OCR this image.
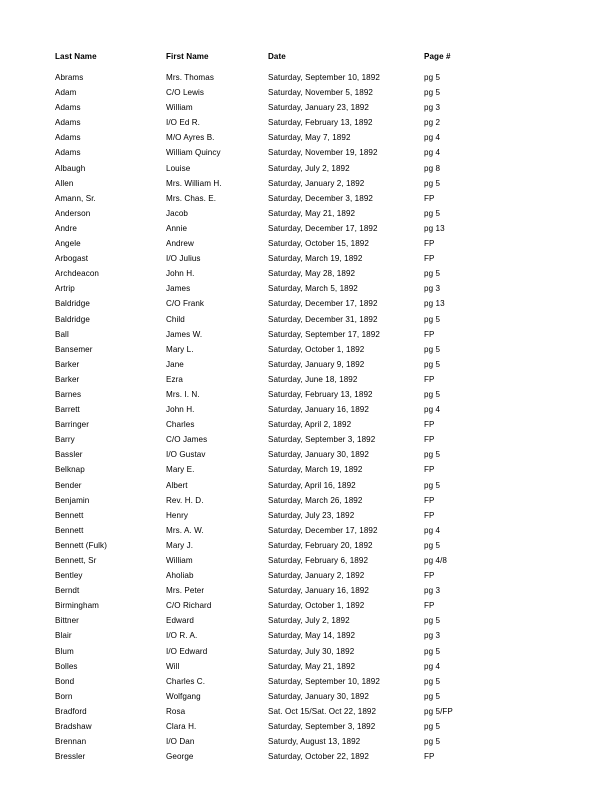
Last Name	First Name	Date	Page #
Abrams	Mrs. Thomas	Saturday, September 10, 1892	pg 5
Adam	C/O Lewis	Saturday, November 5, 1892	pg 5
Adams	William	Saturday, January 23, 1892	pg 3
Adams	I/O Ed R.	Saturday, February 13, 1892	pg 2
Adams	M/O Ayres B.	Saturday, May 7, 1892	pg 4
Adams	William Quincy	Saturday, November 19, 1892	pg 4
Albaugh	Louise	Saturday, July 2, 1892	pg 8
Allen	Mrs. William H.	Saturday, January 2, 1892	pg 5
Amann, Sr.	Mrs. Chas. E.	Saturday, December 3, 1892	FP
Anderson	Jacob	Saturday, May 21, 1892	pg 5
Andre	Annie	Saturday, December 17, 1892	pg 13
Angele	Andrew	Saturday, October 15, 1892	FP
Arbogast	I/O Julius	Saturday, March 19, 1892	FP
Archdeacon	John H.	Saturday, May 28, 1892	pg 5
Artrip	James	Saturday, March 5, 1892	pg 3
Baldridge	C/O Frank	Saturday, December 17, 1892	pg 13
Baldridge	Child	Saturday, December 31, 1892	pg 5
Ball	James W.	Saturday, September 17, 1892	FP
Bansemer	Mary L.	Saturday, October 1, 1892	pg 5
Barker	Jane	Saturday, January 9, 1892	pg 5
Barker	Ezra	Saturday, June 18, 1892	FP
Barnes	Mrs. I. N.	Saturday, February 13, 1892	pg 5
Barrett	John H.	Saturday, January 16, 1892	pg 4
Barringer	Charles	Saturday, April 2, 1892	FP
Barry	C/O James	Saturday, September 3, 1892	FP
Bassler	I/O Gustav	Saturday, January 30, 1892	pg 5
Belknap	Mary E.	Saturday, March 19, 1892	FP
Bender	Albert	Saturday, April 16, 1892	pg 5
Benjamin	Rev. H. D.	Saturday, March 26, 1892	FP
Bennett	Henry	Saturday, July 23, 1892	FP
Bennett	Mrs. A. W.	Saturday, December 17, 1892	pg 4
Bennett (Fulk)	Mary J.	Saturday, February 20, 1892	pg 5
Bennett, Sr	William	Saturday, February 6, 1892	pg 4/8
Bentley	Aholiab	Saturday, January 2, 1892	FP
Berndt	Mrs. Peter	Saturday, January 16, 1892	pg 3
Birmingham	C/O Richard	Saturday, October 1, 1892	FP
Bittner	Edward	Saturday, July 2, 1892	pg 5
Blair	I/O R. A.	Saturday, May 14, 1892	pg 3
Blum	I/O Edward	Saturday, July 30, 1892	pg 5
Bolles	Will	Saturday, May 21, 1892	pg 4
Bond	Charles C.	Saturday, September 10, 1892	pg 5
Born	Wolfgang	Saturday, January 30, 1892	pg 5
Bradford	Rosa	Sat. Oct 15/Sat. Oct 22, 1892	pg 5/FP
Bradshaw	Clara H.	Saturday, September 3, 1892	pg 5
Brennan	I/O Dan	Saturdy, August 13, 1892	pg 5
Bressler	George	Saturday, October 22, 1892	FP
